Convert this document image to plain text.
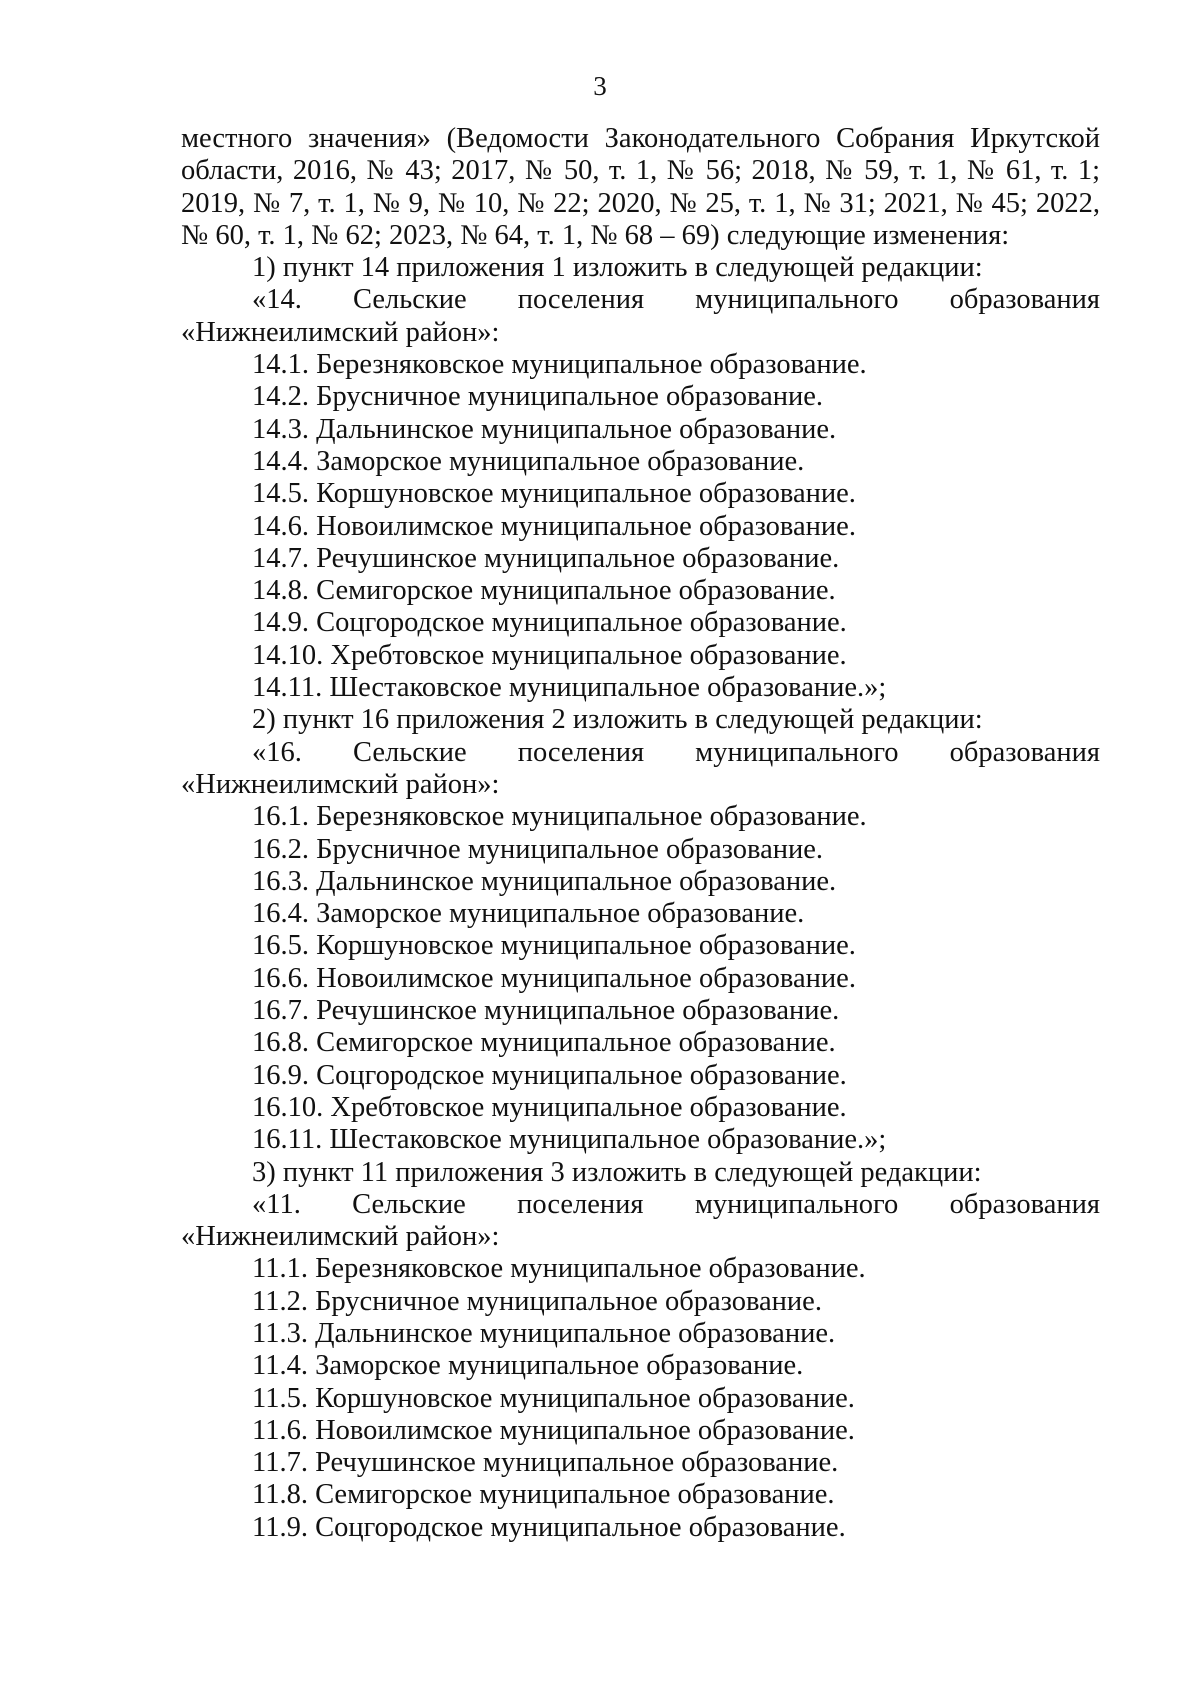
3

местного значения» (Ведомости Законодательного Собрания Иркутской области, 2016, № 43; 2017, № 50, т. 1, № 56; 2018, № 59, т. 1, № 61, т. 1; 2019, № 7, т. 1, № 9, № 10, № 22; 2020, № 25, т. 1, № 31; 2021, № 45; 2022, № 60, т. 1, № 62; 2023, № 64, т. 1, № 68 – 69) следующие изменения:

1) пункт 14 приложения 1 изложить в следующей редакции:

«14. Сельские поселения муниципального образования «Нижнеилимский район»:

14.1. Березняковское муниципальное образование.
14.2. Брусничное муниципальное образование.
14.3. Дальнинское муниципальное образование.
14.4. Заморское муниципальное образование.
14.5. Коршуновское муниципальное образование.
14.6. Новоилимское муниципальное образование.
14.7. Речушинское муниципальное образование.
14.8. Семигорское муниципальное образование.
14.9. Соцгородское муниципальное образование.
14.10. Хребтовское муниципальное образование.
14.11. Шестаковское муниципальное образование.»;

2) пункт 16 приложения 2 изложить в следующей редакции:

«16. Сельские поселения муниципального образования «Нижнеилимский район»:

16.1. Березняковское муниципальное образование.
16.2. Брусничное муниципальное образование.
16.3. Дальнинское муниципальное образование.
16.4. Заморское муниципальное образование.
16.5. Коршуновское муниципальное образование.
16.6. Новоилимское муниципальное образование.
16.7. Речушинское муниципальное образование.
16.8. Семигорское муниципальное образование.
16.9. Соцгородское муниципальное образование.
16.10. Хребтовское муниципальное образование.
16.11. Шестаковское муниципальное образование.»;

3) пункт 11 приложения 3 изложить в следующей редакции:

«11. Сельские поселения муниципального образования «Нижнеилимский район»:

11.1. Березняковское муниципальное образование.
11.2. Брусничное муниципальное образование.
11.3. Дальнинское муниципальное образование.
11.4. Заморское муниципальное образование.
11.5. Коршуновское муниципальное образование.
11.6. Новоилимское муниципальное образование.
11.7. Речушинское муниципальное образование.
11.8. Семигорское муниципальное образование.
11.9. Соцгородское муниципальное образование.
